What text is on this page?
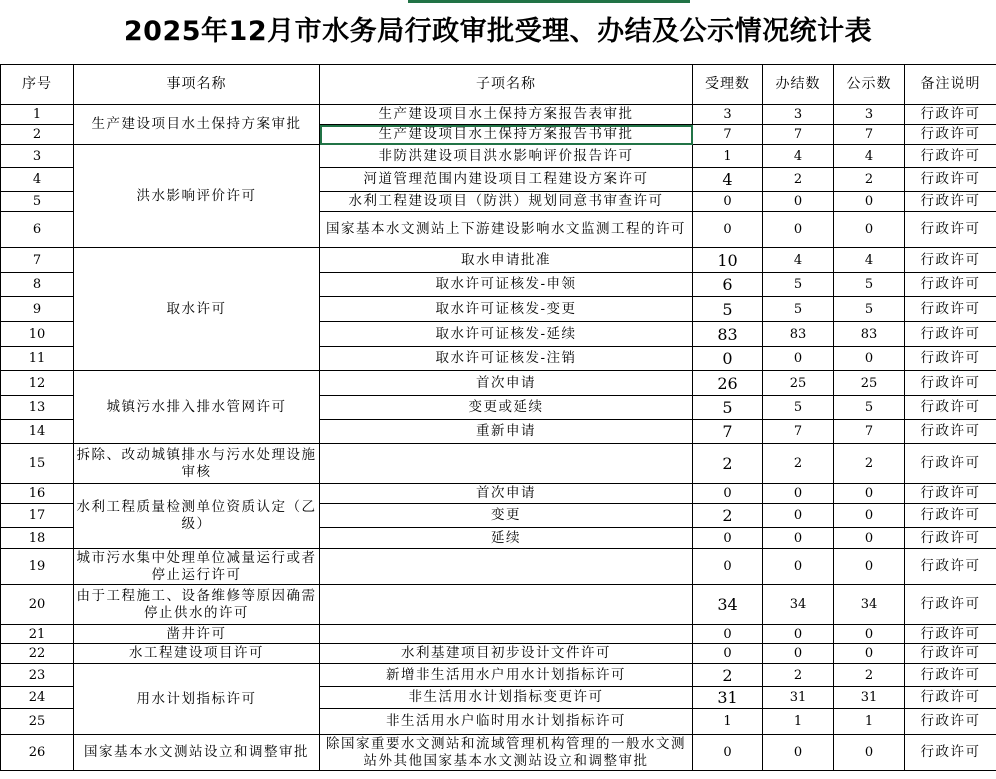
2025年12月市水务局行政审批受理、办结及公示情况统计表
序号	事项名称	子项名称	受理数	办结数	公示数	备注说明
1	生产建设项目水土保持方案审批	生产建设项目水土保持方案报告表审批	3	3	3	行政许可
2		生产建设项目水土保持方案报告书审批	7	7	7	行政许可
3	洪水影响评价许可	非防洪建设项目洪水影响评价报告许可	1	4	4	行政许可
4		河道管理范围内建设项目工程建设方案许可	4	2	2	行政许可
5		水利工程建设项目（防洪）规划同意书审查许可	0	0	0	行政许可
6		国家基本水文测站上下游建设影响水文监测工程的许可	0	0	0	行政许可
7	取水许可	取水申请批准	10	4	4	行政许可
8		取水许可证核发-申领	6	5	5	行政许可
9		取水许可证核发-变更	5	5	5	行政许可
10		取水许可证核发-延续	83	83	83	行政许可
11		取水许可证核发-注销	0	0	0	行政许可
12	城镇污水排入排水管网许可	首次申请	26	25	25	行政许可
13		变更或延续	5	5	5	行政许可
14		重新申请	7	7	7	行政许可
15	拆除、改动城镇排水与污水处理设施审核		2	2	2	行政许可
16	水利工程质量检测单位资质认定（乙级）	首次申请	0	0	0	行政许可
17		变更	2	0	0	行政许可
18		延续	0	0	0	行政许可
19	城市污水集中处理单位减量运行或者停止运行许可		0	0	0	行政许可
20	由于工程施工、设备维修等原因确需停止供水的许可		34	34	34	行政许可
21	凿井许可		0	0	0	行政许可
22	水工程建设项目许可	水利基建项目初步设计文件许可	0	0	0	行政许可
23	用水计划指标许可	新增非生活用水户用水计划指标许可	2	2	2	行政许可
24		非生活用水计划指标变更许可	31	31	31	行政许可
25		非生活用水户临时用水计划指标许可	1	1	1	行政许可
26	国家基本水文测站设立和调整审批	除国家重要水文测站和流域管理机构管理的一般水文测站外其他国家基本水文测站设立和调整审批	0	0	0	行政许可
